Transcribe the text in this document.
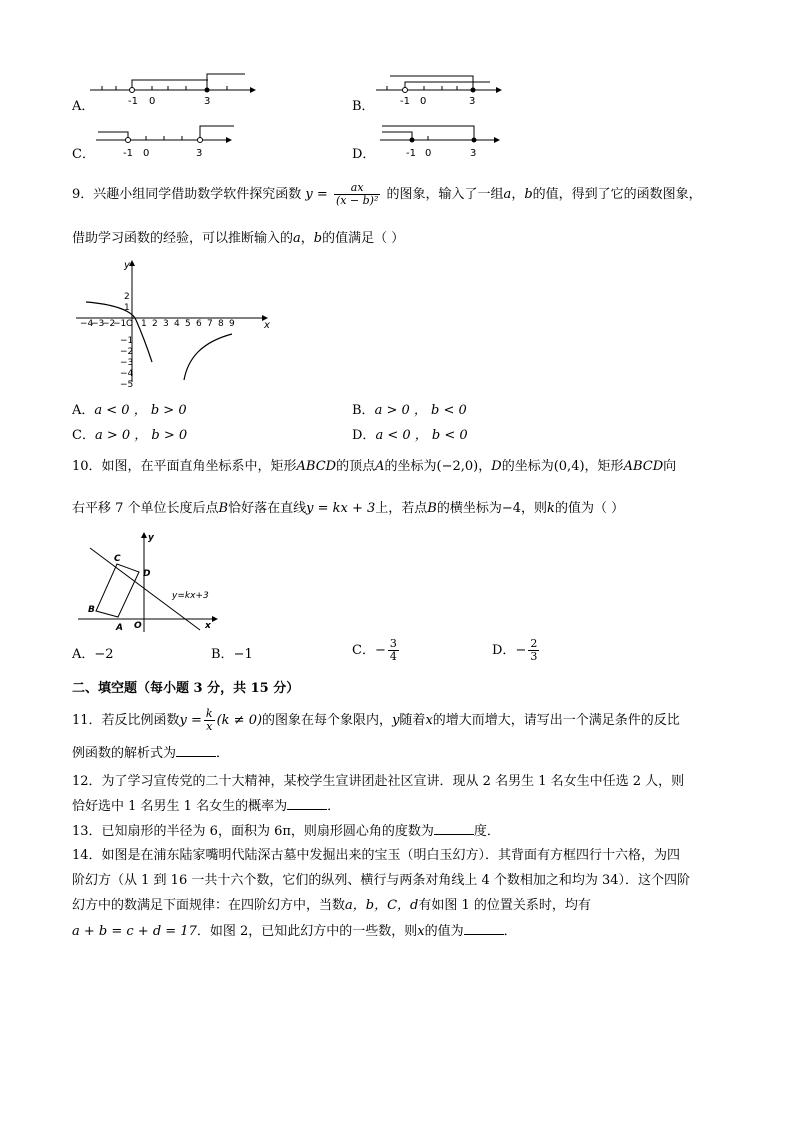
A．	-1 0	3	B．	-1 0	3
C．	-1 0	3	D．	-1 0	3
9．兴趣小组同学借助数学软件探究函数 $y = \frac{ax}{\text{(x − b)²}}$ 的图象，输入了一组a，b的值，得到了它的函数图象，
借助学习函数的经验，可以推断输入的a，b的值满足（ ）
x
y
−4
−3
−2
−1 O 1 2 3 4 5 6 7 8 9
2
1
−1
−2
−3
−4
−5
A．a < 0 ， b > 0	B．a > 0 ， b < 0
C．a > 0 ， b > 0	D．a < 0 ， b < 0
10．如图，在平面直角坐标系中，矩形ABCD的顶点A的坐标为(−2,0)，D的坐标为(0,4)，矩形ABCD向
右平移 7 个单位长度后点B恰好落在直线y = kx + 3上，若点B的横坐标为−4，则k的值为（ ）
C
D
B
A O	x
y
y=kx+3
A．−2	B．−1	C．− $\frac{3}{4}$	D．− $\frac{2}{3}$
二、填空题（每小题 3 分，共 15 分）
11．若反比例函数$y = \frac{k}{x} (k \ne 0)$的图象在每个象限内，y随着x的增大而增大，请写出一个满足条件的反比
例函数的解析式为	．
12．为了学习宣传党的二十大精神，某校学生宣讲团赴社区宣讲．现从 2 名男生 1 名女生中任选 2 人，则
恰好选中 1 名男生 1 名女生的概率为	．
13．已知扇形的半径为 6，面积为 6π，则扇形圆心角的度数为	度．
14．如图是在浦东陆家嘴明代陆深古墓中发掘出来的宝玉（明白玉幻方）．其背面有方框四行十六格，为四
阶幻方（从 1 到 16 一共十六个数，它们的纵列、横行与两条对角线上 4 个数相加之和均为 34）．这个四阶
幻方中的数满足下面规律：在四阶幻方中，当数a，b，C，d有如图 1 的位置关系时，均有
a + b = c + d = 17．如图 2，已知此幻方中的一些数，则x的值为	．
